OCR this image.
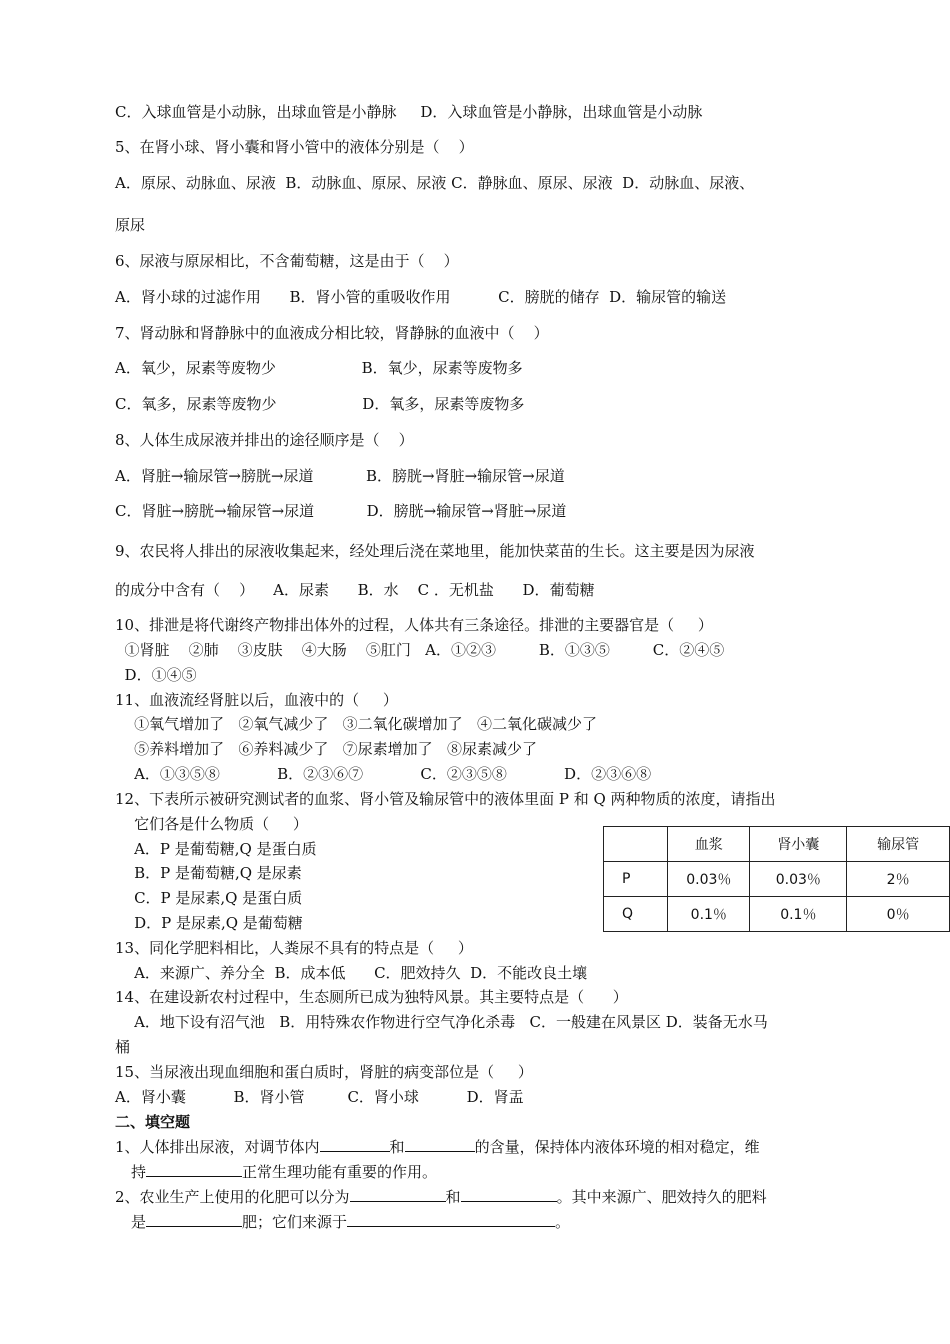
C．入球血管是小动脉，出球血管是小静脉     D．入球血管是小静脉，出球血管是小动脉
5、在肾小球、肾小囊和肾小管中的液体分别是（    ）
A．原尿、动脉血、尿液  B．动脉血、原尿、尿液 C．静脉血、原尿、尿液  D．动脉血、尿液、
原尿
6、尿液与原尿相比，不含葡萄糖，这是由于（    ）
A．肾小球的过滤作用      B．肾小管的重吸收作用          C．膀胱的储存  D．输尿管的输送
7、肾动脉和肾静脉中的血液成分相比较，肾静脉的血液中（    ）
A．氧少，尿素等废物少                  B．氧少，尿素等废物多
C．氧多，尿素等废物少                  D．氧多，尿素等废物多
8、人体生成尿液并排出的途径顺序是（    ）
A．肾脏→输尿管→膀胱→尿道           B．膀胱→肾脏→输尿管→尿道
C．肾脏→膀胱→输尿管→尿道           D．膀胱→输尿管→肾脏→尿道
9、农民将人排出的尿液收集起来，经处理后浇在菜地里，能加快菜苗的生长。这主要是因为尿液
的成分中含有（    ）    A．尿素      B．水    C ．无机盐      D．葡萄糖
10、排泄是将代谢终产物排出体外的过程，人体共有三条途径。排泄的主要器官是（     ）
①肾脏    ②肺    ③皮肤    ④大肠    ⑤肛门   A．①②③         B．①③⑤         C．②④⑤
D．①④⑤
11、血液流经肾脏以后，血液中的（     ）
①氧气增加了   ②氧气减少了   ③二氧化碳增加了   ④二氧化碳减少了
⑤养料增加了   ⑥养料减少了   ⑦尿素增加了   ⑧尿素减少了
A．①③⑤⑧            B．②③⑥⑦            C．②③⑤⑧            D．②③⑥⑧
12、下表所示被研究测试者的血浆、肾小管及输尿管中的液体里面 P 和 Q 两种物质的浓度，请指出
它们各是什么物质（     ）
A．P 是葡萄糖,Q 是蛋白质
B．P 是葡萄糖,Q 是尿素
C．P 是尿素,Q 是蛋白质
D．P 是尿素,Q 是葡萄糖
13、同化学肥料相比，人粪尿不具有的特点是（     ）
A．来源广、养分全  B．成本低      C．肥效持久  D．不能改良土壤
14、在建设新农村过程中，生态厕所已成为独特风景。其主要特点是（      ）
A．地下设有沼气池   B．用特殊农作物进行空气净化杀毒   C．一般建在风景区 D．装备无水马
桶
15、当尿液出现血细胞和蛋白质时，肾脏的病变部位是（     ）
A．肾小囊          B．肾小管         C．肾小球          D．肾盂
二、填空题
1、人体排出尿液，对调节体内	和	的含量，保持体内液体环境的相对稳定，维
持	正常生理功能有重要的作用。
2、农业生产上使用的化肥可以分为	和	。其中来源广、肥效持久的肥料
是	肥；它们来源于	。
	血浆	肾小囊	输尿管
P	0.03％	0.03％	2％
Q	0.1％	0.1％	0％
